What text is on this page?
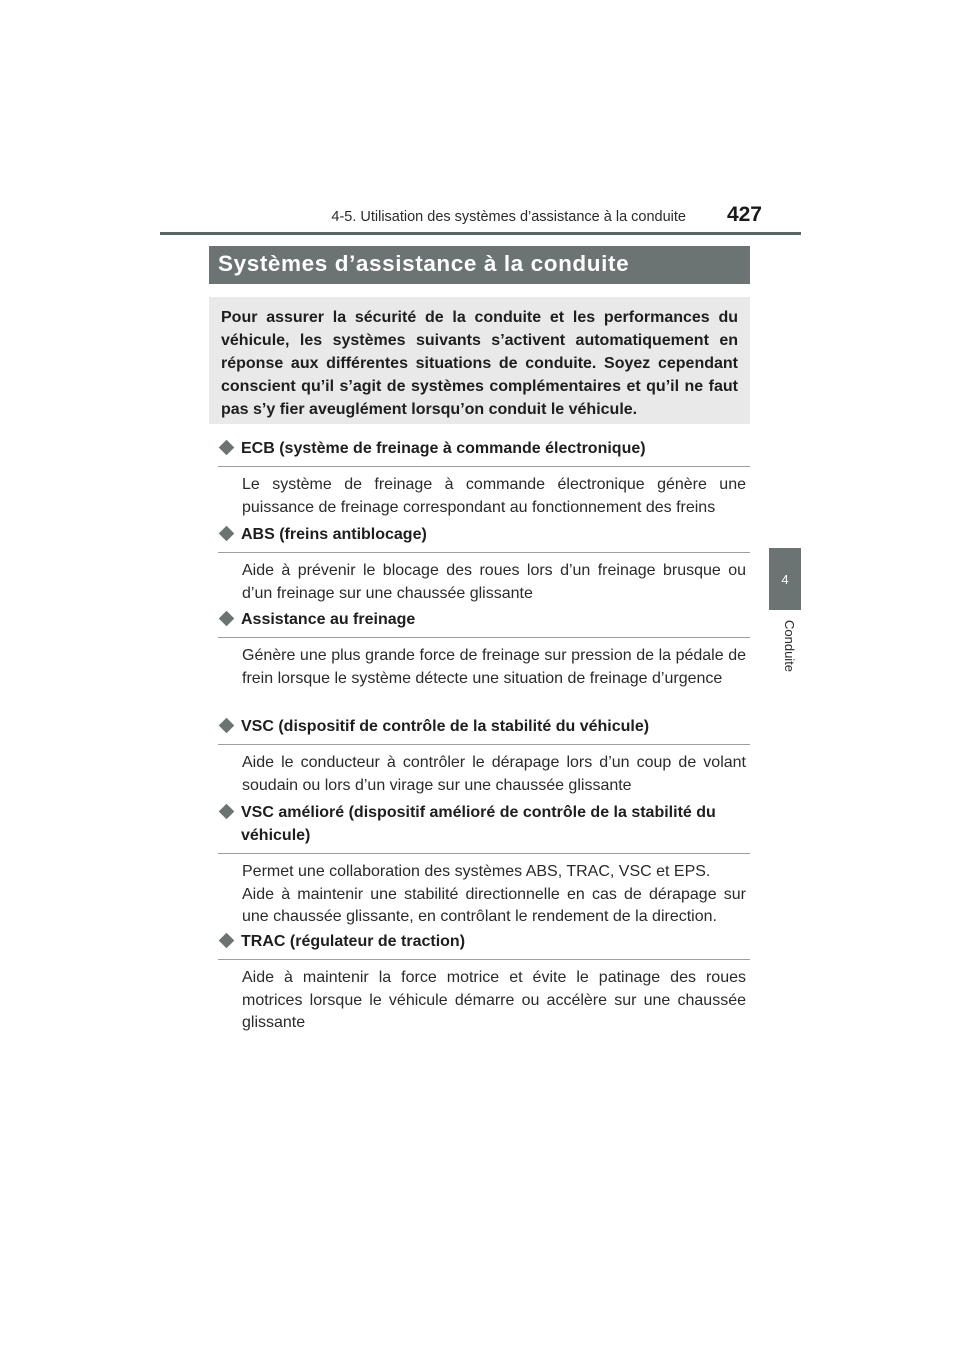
4-5. Utilisation des systèmes d’assistance à la conduite	427
4
Conduite
Systèmes d’assistance à la conduite
Pour assurer la sécurité de la conduite et les performances du véhicule, les systèmes suivants s’activent automatiquement en réponse aux différentes situations de conduite. Soyez cependant conscient qu’il s’agit de systèmes complémentaires et qu’il ne faut pas s’y fier aveuglément lorsqu’on conduit le véhicule.
ECB (système de freinage à commande électronique)
Le système de freinage à commande électronique génère une puissance de freinage correspondant au fonctionnement des freins
ABS (freins antiblocage)
Aide à prévenir le blocage des roues lors d’un freinage brusque ou d’un freinage sur une chaussée glissante
Assistance au freinage
Génère une plus grande force de freinage sur pression de la pédale de frein lorsque le système détecte une situation de freinage d’urgence
VSC (dispositif de contrôle de la stabilité du véhicule)
Aide le conducteur à contrôler le dérapage lors d’un coup de volant soudain ou lors d’un virage sur une chaussée glissante
VSC amélioré (dispositif amélioré de contrôle de la stabilité du véhicule)
Permet une collaboration des systèmes ABS, TRAC, VSC et EPS.
Aide à maintenir une stabilité directionnelle en cas de dérapage sur une chaussée glissante, en contrôlant le rendement de la direction.
TRAC (régulateur de traction)
Aide à maintenir la force motrice et évite le patinage des roues motrices lorsque le véhicule démarre ou accélère sur une chaussée glissante
